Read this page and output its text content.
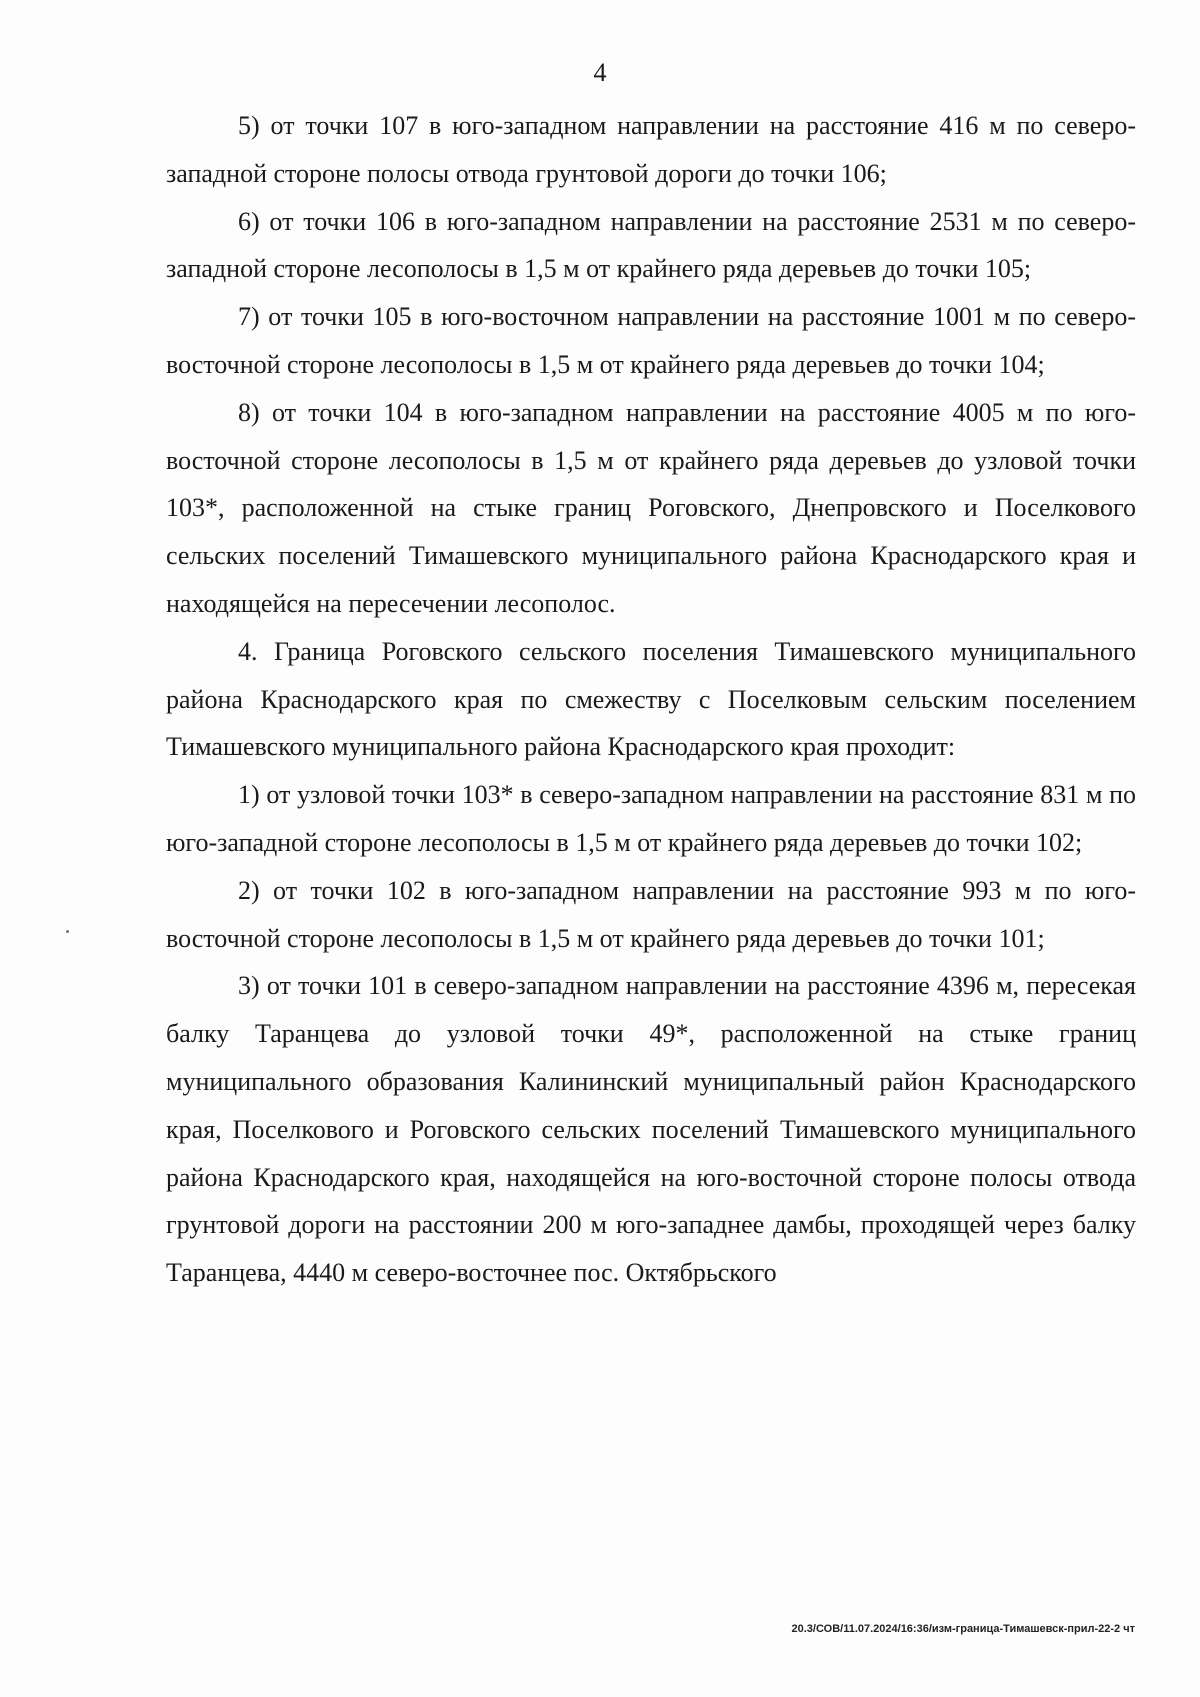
4

5) от точки 107 в юго-западном направлении на расстояние 416 м по северо-западной стороне полосы отвода грунтовой дороги до точки 106;

6) от точки 106 в юго-западном направлении на расстояние 2531 м по северо-западной стороне лесополосы в 1,5 м от крайнего ряда деревьев до точки 105;

7) от точки 105 в юго-восточном направлении на расстояние 1001 м по северо-восточной стороне лесополосы в 1,5 м от крайнего ряда деревьев до точки 104;

8) от точки 104 в юго-западном направлении на расстояние 4005 м по юго-восточной стороне лесополосы в 1,5 м от крайнего ряда деревьев до узловой точки 103*, расположенной на стыке границ Роговского, Днепровского и Поселкового сельских поселений Тимашевского муниципального района Краснодарского края и находящейся на пересечении лесополос.

4. Граница Роговского сельского поселения Тимашевского муниципального района Краснодарского края по смежеству с Поселковым сельским поселением Тимашевского муниципального района Краснодарского края проходит:

1) от узловой точки 103* в северо-западном направлении на расстояние 831 м по юго-западной стороне лесополосы в 1,5 м от крайнего ряда деревьев до точки 102;

2) от точки 102 в юго-западном направлении на расстояние 993 м по юго-восточной стороне лесополосы в 1,5 м от крайнего ряда деревьев до точки 101;

3) от точки 101 в северо-западном направлении на расстояние 4396 м, пересекая балку Таранцева до узловой точки 49*, расположенной на стыке границ муниципального образования Калининский муниципальный район Краснодарского края, Поселкового и Роговского сельских поселений Тимашевского муниципального района Краснодарского края, находящейся на юго-восточной стороне полосы отвода грунтовой дороги на расстоянии 200 м юго-западнее дамбы, проходящей через балку Таранцева, 4440 м северо-восточнее пос. Октябрьского

20.3/СОВ/11.07.2024/16:36/изм-граница-Тимашевск-прил-22-2 чт
